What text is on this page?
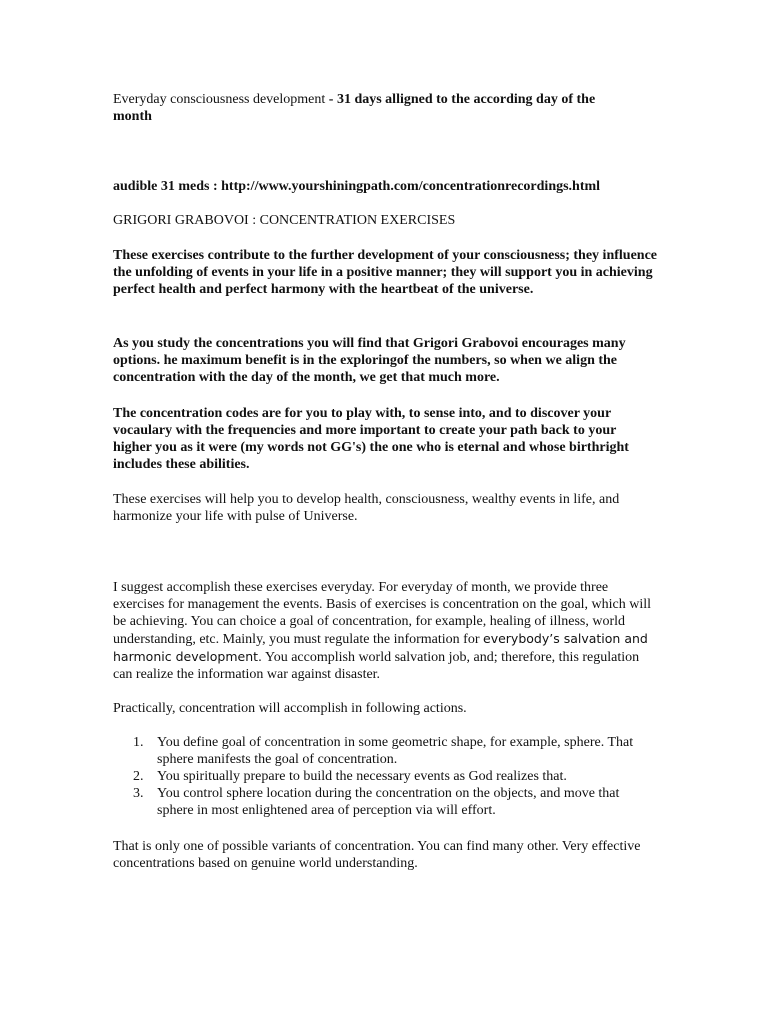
Everyday consciousness development - 31 days alligned to the according day of the
month

audible 31 meds : http://www.yourshiningpath.com/concentrationrecordings.html

GRIGORI GRABOVOI : CONCENTRATION EXERCISES

These exercises contribute to the further development of your consciousness; they influence the unfolding of events in your life in a positive manner; they will support you in achieving perfect health and perfect harmony with the heartbeat of the universe.

As you study the concentrations you will find that Grigori Grabovoi encourages many options. he maximum benefit is in the exploringof the numbers, so when we align the concentration with the day of the month, we get that much more.

The concentration codes are for you to play with, to sense into, and to discover your vocaulary with the frequencies and more important to create your path back to your higher you as it were (my words not GG's) the one who is eternal and whose birthright includes these abilities.

These exercises will help you to develop health, consciousness, wealthy events in life, and harmonize your life with pulse of Universe.

I suggest accomplish these exercises everyday. For everyday of month, we provide three exercises for management the events. Basis of exercises is concentration on the goal, which will be achieving. You can choice a goal of concentration, for example, healing of illness, world understanding, etc. Mainly, you must regulate the information for everybody’s salvation and harmonic development. You accomplish world salvation job, and; therefore, this regulation can realize the information war against disaster.

Practically, concentration will accomplish in following actions.

1. You define goal of concentration in some geometric shape, for example, sphere. That sphere manifests the goal of concentration.
2. You spiritually prepare to build the necessary events as God realizes that.
3. You control sphere location during the concentration on the objects, and move that sphere in most enlightened area of perception via will effort.

That is only one of possible variants of concentration. You can find many other. Very effective concentrations based on genuine world understanding.
